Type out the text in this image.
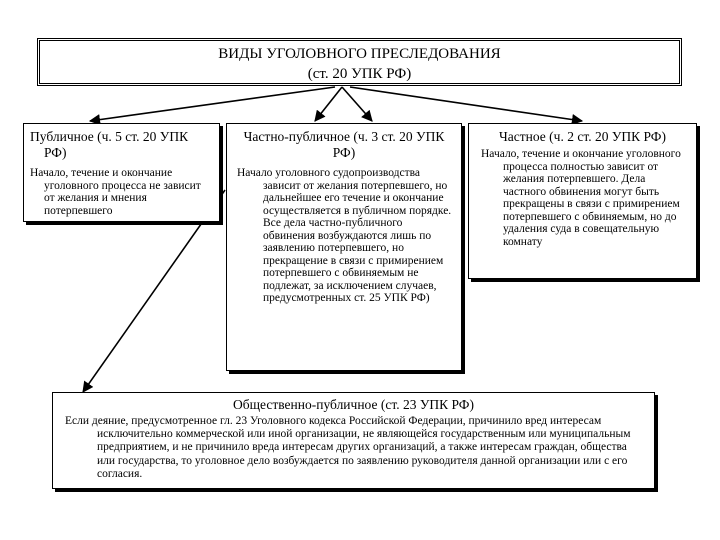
ВИДЫ УГОЛОВНОГО ПРЕСЛЕДОВАНИЯ
(ст. 20 УПК РФ)
Публичное (ч. 5 ст. 20 УПК
РФ)
Начало, течение и окончание уголовного процесса не зависит от желания и мнения потерпевшего
Частно-публичное (ч. 3 ст. 20 УПК РФ)
Начало уголовного судопроизводства зависит от желания потерпевшего, но дальнейшее его течение и окончание осуществляется в публичном порядке. Все дела частно-публичного обвинения возбуждаются лишь по заявлению потерпевшего, но прекращение в связи с примирением потерпевшего с обвиняемым не подлежат, за исключением случаев, предусмотренных ст. 25 УПК РФ)
Частное (ч. 2 ст. 20 УПК РФ)
Начало, течение и окончание уголовного процесса полностью зависит от желания потерпевшего. Дела частного обвинения могут быть прекращены в связи с примирением потерпевшего с обвиняемым, но до удаления суда в совещательную комнату
Общественно-публичное (ст. 23 УПК РФ)
Если деяние, предусмотренное гл. 23 Уголовного кодекса Российской Федерации, причинило вред интересам исключительно коммерческой или иной организации, не являющейся государственным или муниципальным предприятием, и не причинило вреда интересам других организаций, а также интересам граждан, общества или государства, то уголовное дело возбуждается по заявлению руководителя данной организации или с его согласия.
